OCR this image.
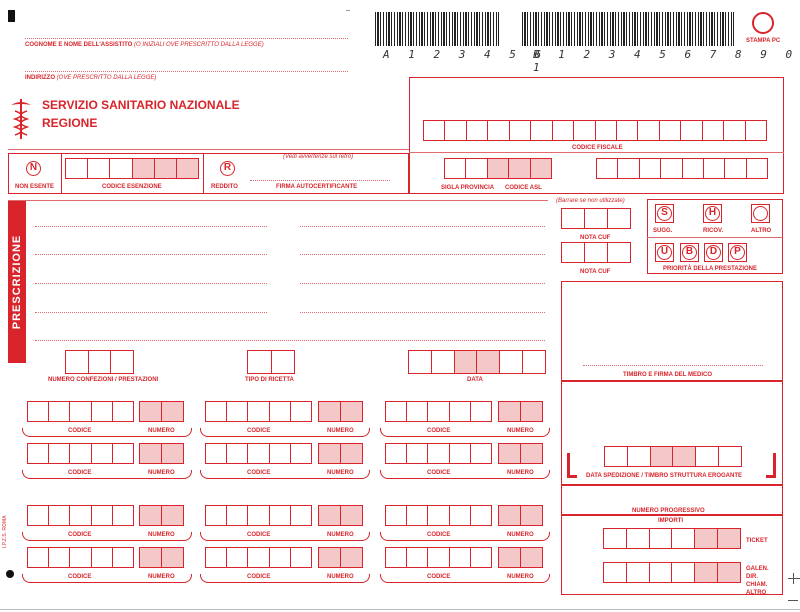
COGNOME E NOME DELL'ASSISTITO (O INIZIALI OVE PRESCRITTO DALLA LEGGE)
INDIRIZZO (OVE PRESCRITTO DALLA LEGGE)
A 1 2 3 4 5 6
B 1 2 3 4 5 6 7 8 9 0 1
STAMPA PC
SERVIZIO SANITARIO NAZIONALE
REGIONE
CODICE FISCALE
N
NON ESENTE	CODICE ESENZIONE
R
REDDITO
(Vedi avvertenze sul retro)
FIRMA AUTOCERTIFICANTE	SIGLA PROVINCIA CODICE ASL
PRESCRIZIONE
(Barrare se non utilizzate)
NOTA CUF
NOTA CUF
S
SUGG.
H
RICOV.	ALTRO
U	B	D	P
PRIORITÀ DELLA PRESTAZIONE
TIMBRO E FIRMA DEL MEDICO
DATA SPEDIZIONE / TIMBRO STRUTTURA EROGANTE
NUMERO PROGRESSIVO
IMPORTI
TICKET
GALEN. DIR. CHIAM. ALTRO
NUMERO CONFEZIONI / PRESTAZIONI	TIPO DI RICETTA	DATA
CODICE	NUMERO	CODICE	NUMERO	CODICE	NUMERO
CODICE	NUMERO	CODICE	NUMERO	CODICE	NUMERO
CODICE	NUMERO	CODICE	NUMERO	CODICE	NUMERO
CODICE	NUMERO	CODICE	NUMERO	CODICE	NUMERO
I.P.Z.S. ROMA
